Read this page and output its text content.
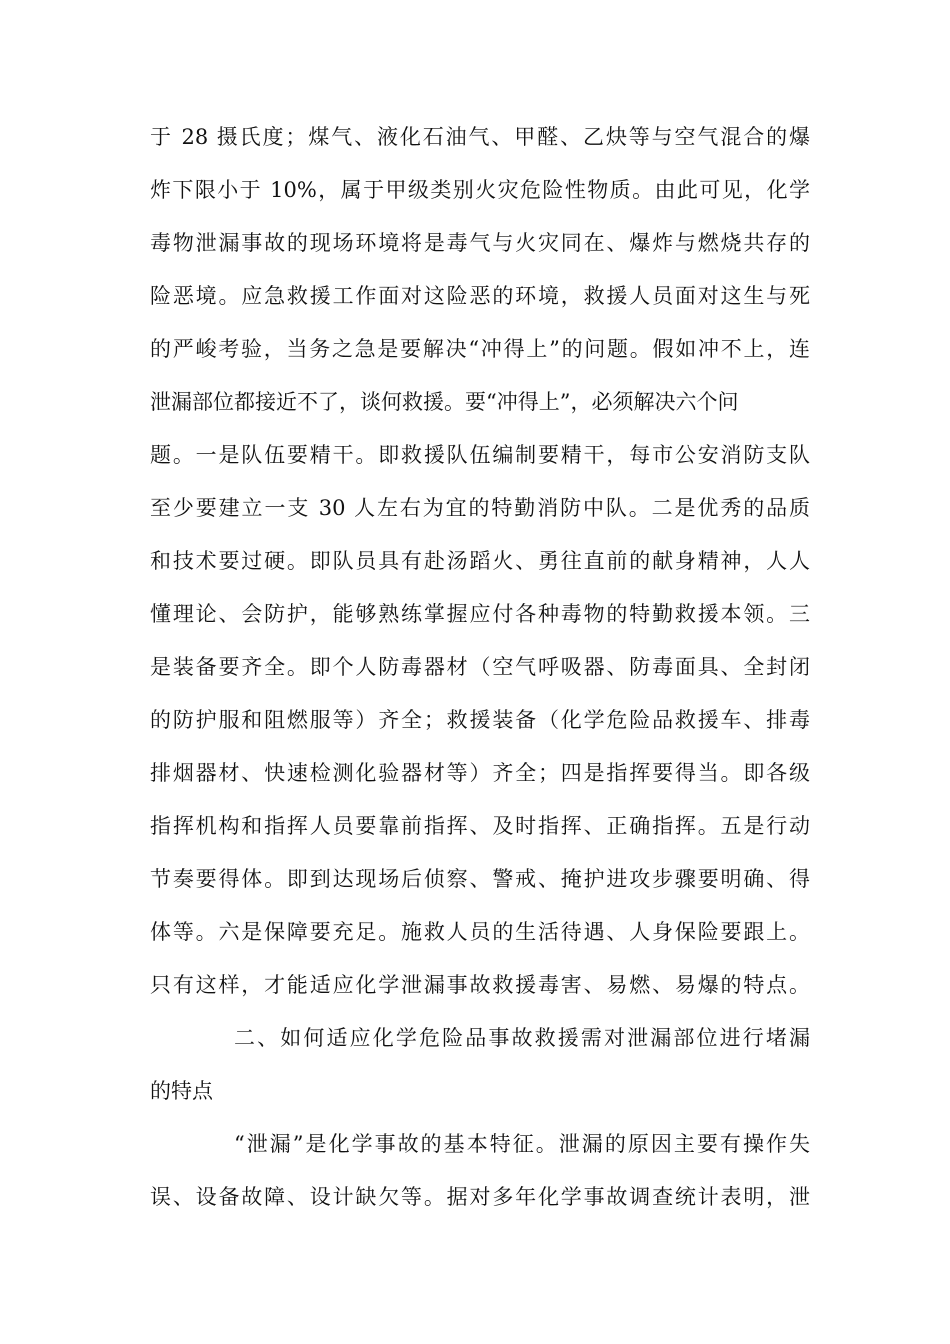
于 28 摄氏度；煤气、液化石油气、甲醛、乙炔等与空气混合的爆
炸下限小于 10%，属于甲级类别火灾危险性物质。由此可见，化学
毒物泄漏事故的现场环境将是毒气与火灾同在、爆炸与燃烧共存的
险恶境。应急救援工作面对这险恶的环境，救援人员面对这生与死
的严峻考验，当务之急是要解决“冲得上”的问题。假如冲不上，连
泄漏部位都接近不了，谈何救援。要“冲得上”，必须解决六个问
题。一是队伍要精干。即救援队伍编制要精干，每市公安消防支队
至少要建立一支 30 人左右为宜的特勤消防中队。二是优秀的品质
和技术要过硬。即队员具有赴汤蹈火、勇往直前的献身精神，人人
懂理论、会防护，能够熟练掌握应付各种毒物的特勤救援本领。三
是装备要齐全。即个人防毒器材（空气呼吸器、防毒面具、全封闭
的防护服和阻燃服等）齐全；救援装备（化学危险品救援车、排毒
排烟器材、快速检测化验器材等）齐全；四是指挥要得当。即各级
指挥机构和指挥人员要靠前指挥、及时指挥、正确指挥。五是行动
节奏要得体。即到达现场后侦察、警戒、掩护进攻步骤要明确、得
体等。六是保障要充足。施救人员的生活待遇、人身保险要跟上。
只有这样，才能适应化学泄漏事故救援毒害、易燃、易爆的特点。
二、如何适应化学危险品事故救援需对泄漏部位进行堵漏
的特点
“泄漏”是化学事故的基本特征。泄漏的原因主要有操作失
误、设备故障、设计缺欠等。据对多年化学事故调查统计表明，泄
